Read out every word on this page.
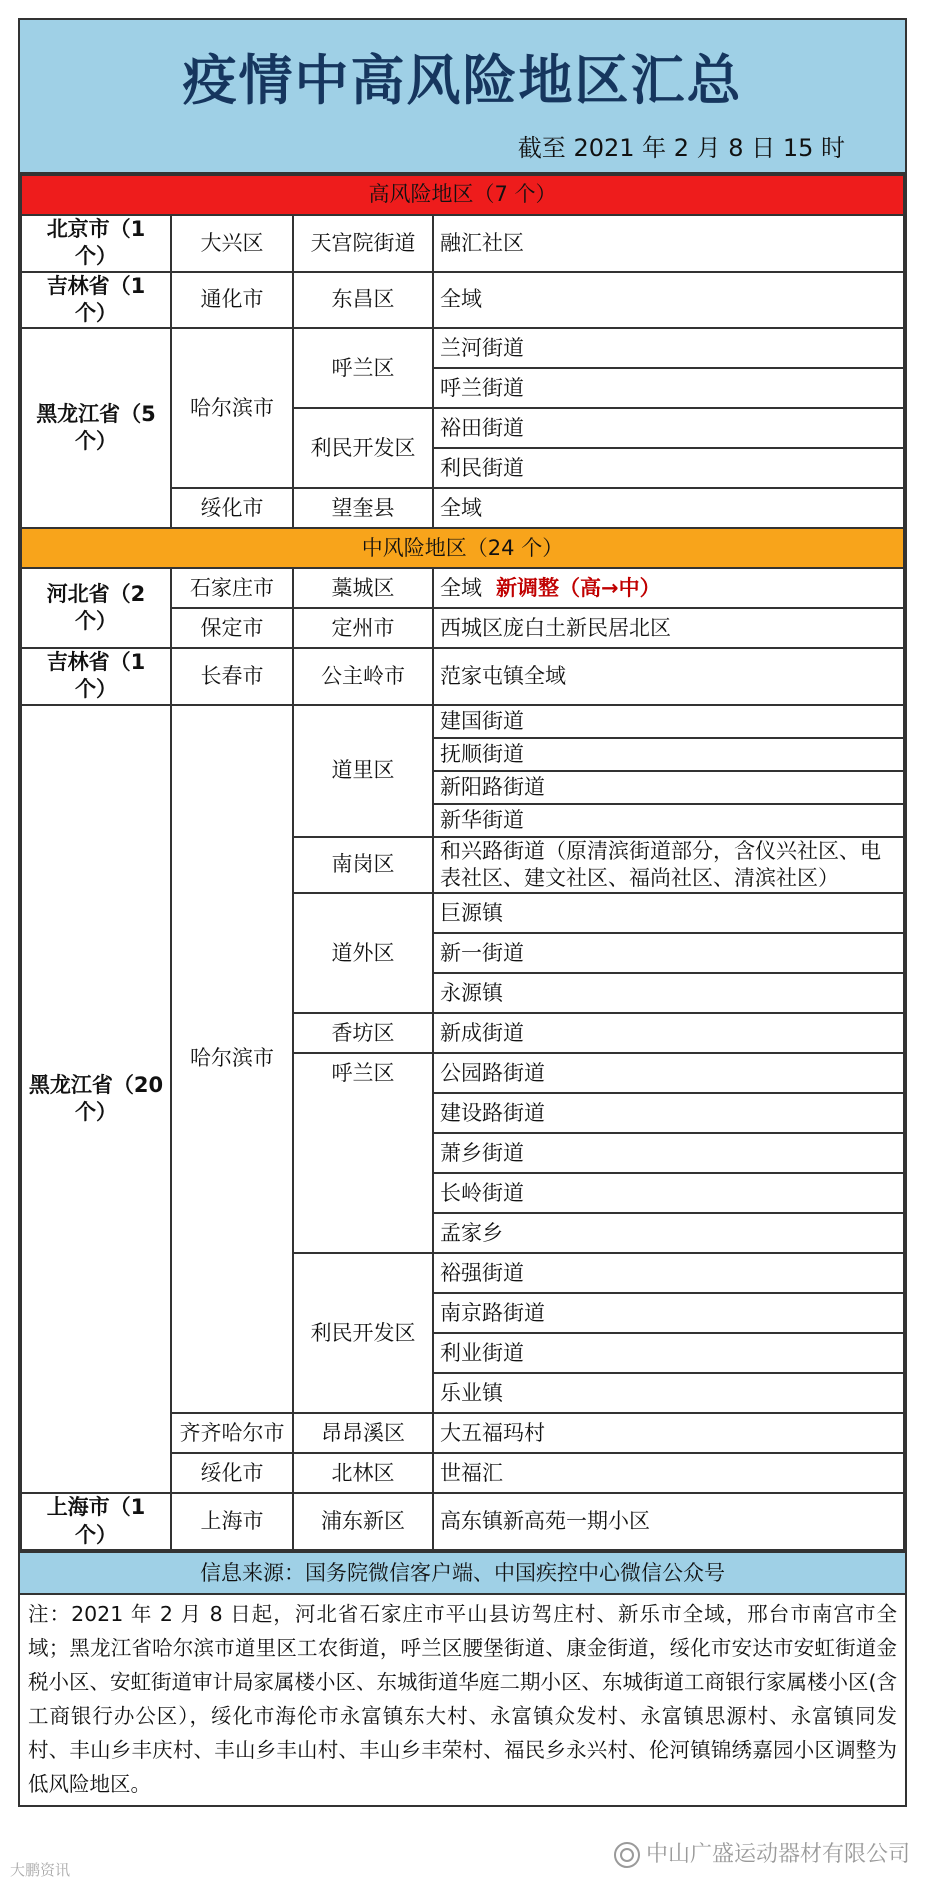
疫情中高风险地区汇总
截至 2021 年 2 月 8 日 15 时
高风险地区（7 个）			
北京市（1 个）	大兴区	天宫院街道	融汇社区
吉林省（1 个）	通化市	东昌区	全域
黑龙江省（5 个）	哈尔滨市	呼兰区	兰河街道
			呼兰街道
		利民开发区	裕田街道
			利民街道
	绥化市	望奎县	全域
中风险地区（24 个）			
河北省（2 个）	石家庄市	藁城区	全域 新调整（高→中）
	保定市	定州市	西城区庞白土新民居北区
吉林省（1 个）	长春市	公主岭市	范家屯镇全域
黑龙江省（20 个）	哈尔滨市	道里区	建国街道
			抚顺街道
			新阳路街道
			新华街道
		南岗区	和兴路街道（原清滨街道部分，含仪兴社区、电表社区、建文社区、福尚社区、清滨社区）
		道外区	巨源镇
			新一街道
			永源镇
		香坊区	新成街道
		呼兰区	公园路街道
			建设路街道
			萧乡街道
			长岭街道
			孟家乡
		利民开发区	裕强街道
			南京路街道
			利业街道
			乐业镇
	齐齐哈尔市	昂昂溪区	大五福玛村
	绥化市	北林区	世福汇
上海市（1 个）	上海市	浦东新区	高东镇新高苑一期小区
信息来源：国务院微信客户端、中国疾控中心微信公众号
注：2021 年 2 月 8 日起，河北省石家庄市平山县访驾庄村、新乐市全域，邢台市南宫市全域；黑龙江省哈尔滨市道里区工农街道，呼兰区腰堡街道、康金街道，绥化市安达市安虹街道金税小区、安虹街道审计局家属楼小区、东城街道华庭二期小区、东城街道工商银行家属楼小区(含工商银行办公区），绥化市海伦市永富镇东大村、永富镇众发村、永富镇思源村、永富镇同发村、丰山乡丰庆村、丰山乡丰山村、丰山乡丰荣村、福民乡永兴村、伦河镇锦绣嘉园小区调整为低风险地区。
中山广盛运动器材有限公司
大鹏资讯
